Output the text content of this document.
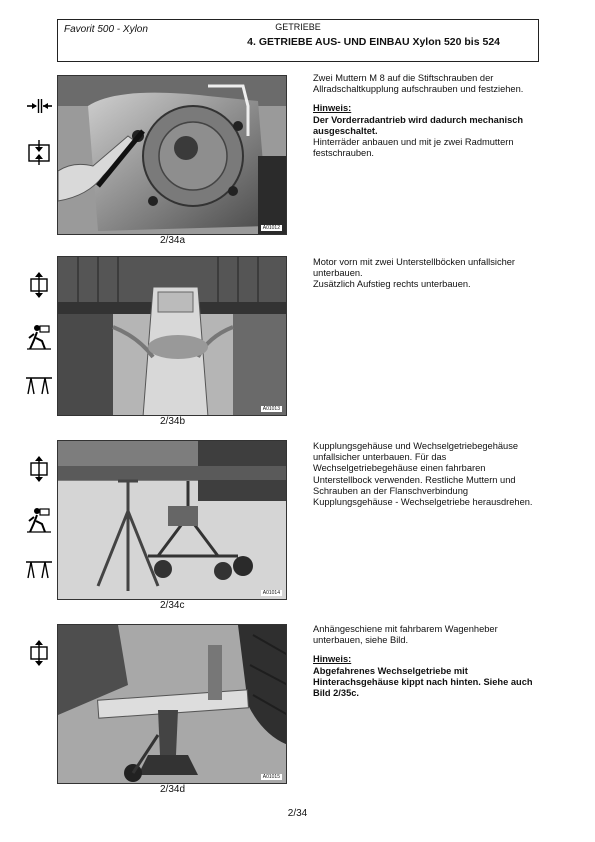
Favorit 500 - Xylon	GETRIEBE
4. GETRIEBE AUS- UND EINBAU Xylon 520 bis 524
A01012
2/34a

Zwei Muttern M 8 auf die Stiftschrauben der Allradschaltkupplung aufschrauben und festziehen.

Hinweis:

Der Vorderradantrieb wird dadurch mechanisch ausgeschaltet.

Hinterräder anbauen und mit je zwei Radmuttern festschrauben.

A01013
2/34b

Motor vorn mit zwei Unterstellböcken unfallsicher unterbauen.

Zusätzlich Aufstieg rechts unterbauen.

A01014
2/34c

Kupplungsgehäuse und Wechselgetriebegehäuse unfallsicher unterbauen. Für das Wechselgetriebegehäuse einen fahrbaren Unterstellbock verwenden. Restliche Muttern und Schrauben an der Flanschverbindung Kupplungsgehäuse - Wechselgetriebe herausdrehen.

A01015
2/34d

Anhängeschiene mit fahrbarem Wagenheber unterbauen, siehe Bild.

Hinweis:

Abgefahrenes Wechselgetriebe mit Hinterachsgehäuse kippt nach hinten. Siehe auch Bild 2/35c.

2/34
